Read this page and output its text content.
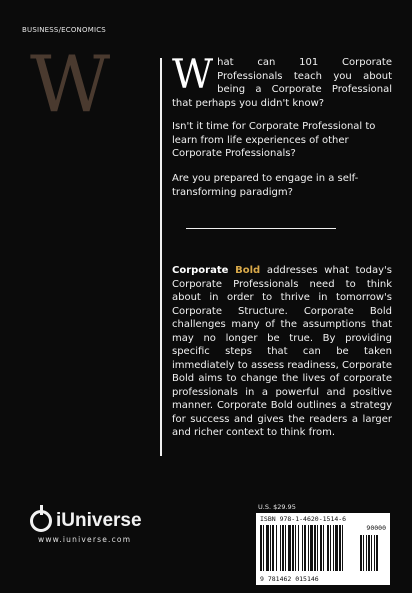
BUSINESS/ECONOMICS
W W hat can 101 Corporate Professionals teach you about being a Corporate Professional that perhaps you didn't know?

Isn't it time for Corporate Professional to learn from life experiences of other Corporate Professionals?

Are you prepared to engage in a self-transforming paradigm?

Corporate Bold addresses what today's Corporate Professionals need to think about in order to thrive in tomorrow's Corporate Structure. Corporate Bold challenges many of the assumptions that may no longer be true. By providing specific steps that can be taken immediately to assess readiness, Corporate Bold aims to change the lives of corporate professionals in a powerful and positive manner. Corporate Bold outlines a strategy for success and gives the readers a larger and richer context to think from.
iUniverse
www.iuniverse.com
U.S. $29.95
ISBN 978-1-4620-1514-6
90000
9 781462 015146
